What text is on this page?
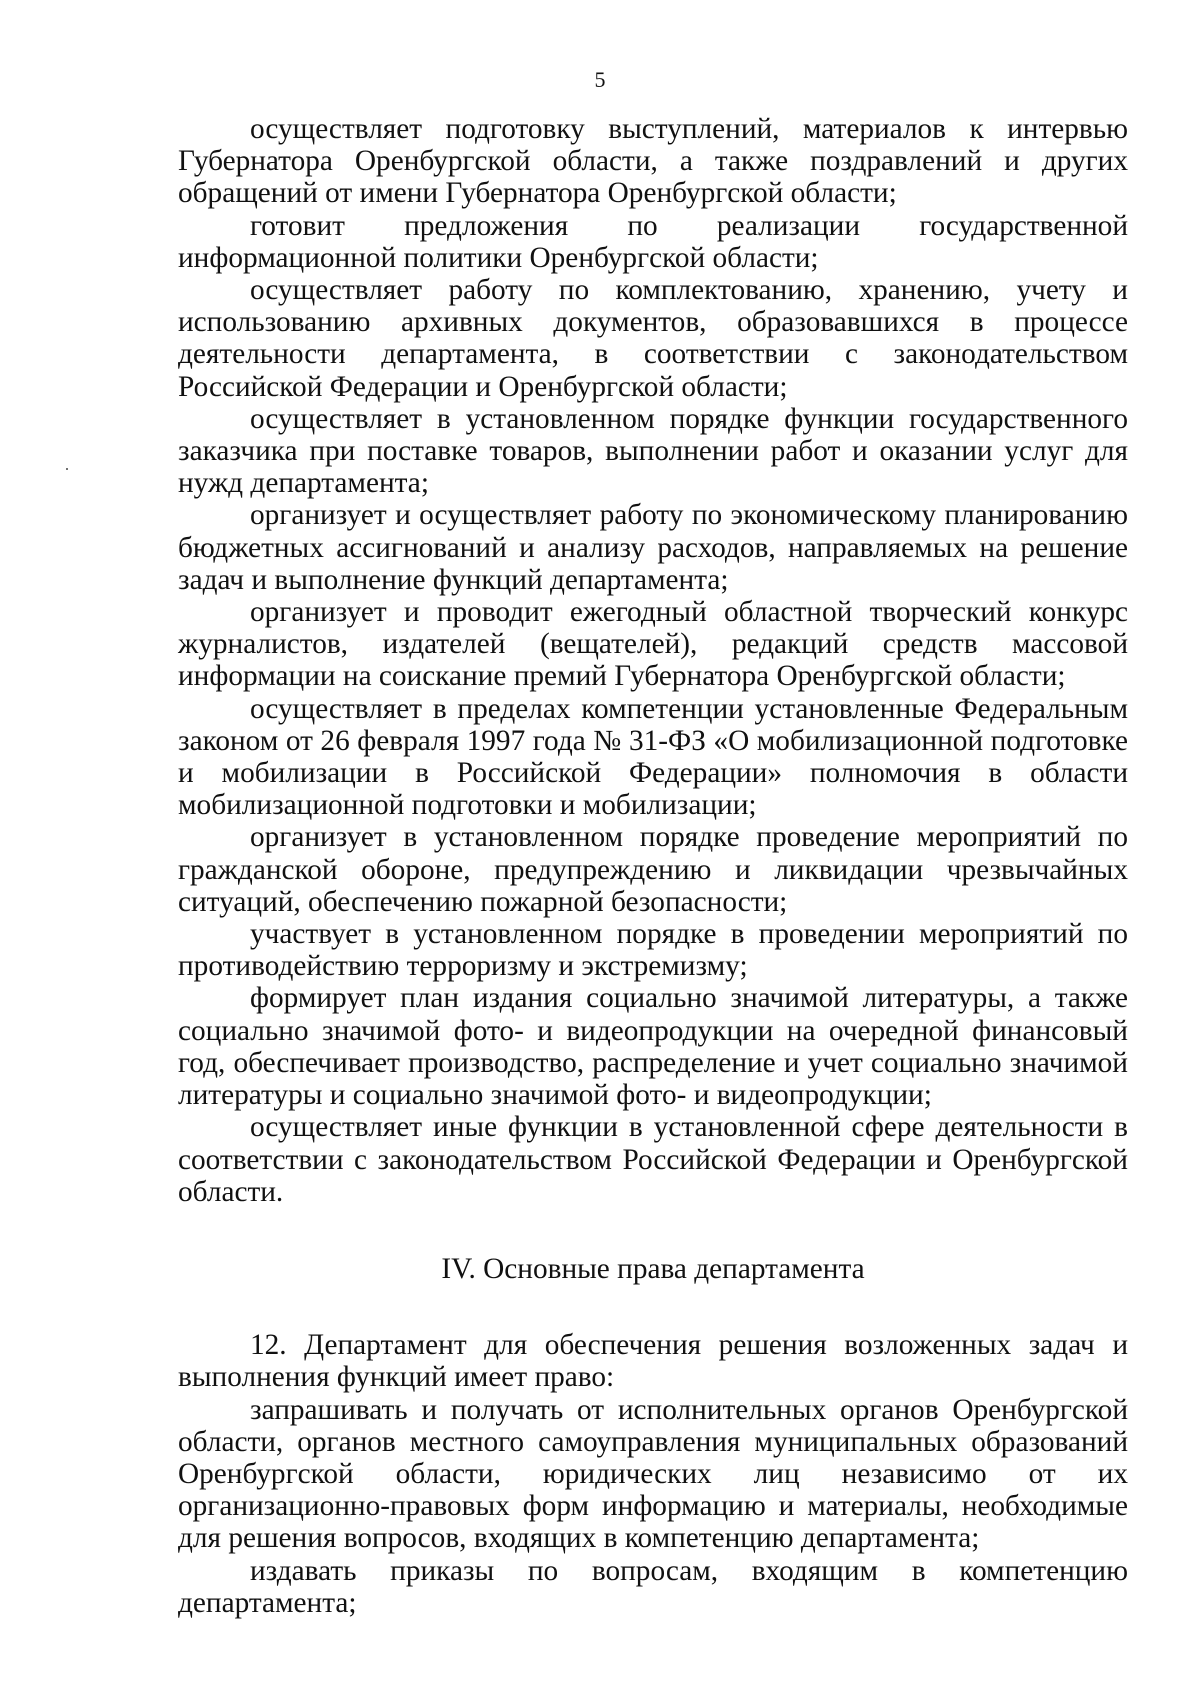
5

осуществляет подготовку выступлений, материалов к интервью Губернатора Оренбургской области, а также поздравлений и других обращений от имени Губернатора Оренбургской области;

готовит предложения по реализации государственной информационной политики Оренбургской области;

осуществляет работу по комплектованию, хранению, учету и использованию архивных документов, образовавшихся в процессе деятельности департамента, в соответствии с законодательством Российской Федерации и Оренбургской области;

осуществляет в установленном порядке функции государственного заказчика при поставке товаров, выполнении работ и оказании услуг для нужд департамента;

организует и осуществляет работу по экономическому планированию бюджетных ассигнований и анализу расходов, направляемых на решение задач и выполнение функций департамента;

организует и проводит ежегодный областной творческий конкурс журналистов, издателей (вещателей), редакций средств массовой информации на соискание премий Губернатора Оренбургской области;

осуществляет в пределах компетенции установленные Федеральным законом от 26 февраля 1997 года № 31-ФЗ «О мобилизационной подготовке и мобилизации в Российской Федерации» полномочия в области мобилизационной подготовки и мобилизации;

организует в установленном порядке проведение мероприятий по гражданской обороне, предупреждению и ликвидации чрезвычайных ситуаций, обеспечению пожарной безопасности;

участвует в установленном порядке в проведении мероприятий по противодействию терроризму и экстремизму;

формирует план издания социально значимой литературы, а также социально значимой фото- и видеопродукции на очередной финансовый год, обеспечивает производство, распределение и учет социально значимой литературы и социально значимой фото- и видеопродукции;

осуществляет иные функции в установленной сфере деятельности в соответствии с законодательством Российской Федерации и Оренбургской области.

IV. Основные права департамента

12. Департамент для обеспечения решения возложенных задач и выполнения функций имеет право:

запрашивать и получать от исполнительных органов Оренбургской области, органов местного самоуправления муниципальных образований Оренбургской области, юридических лиц независимо от их организационно-правовых форм информацию и материалы, необходимые для решения вопросов, входящих в компетенцию департамента;

издавать приказы по вопросам, входящим в компетенцию департамента;
